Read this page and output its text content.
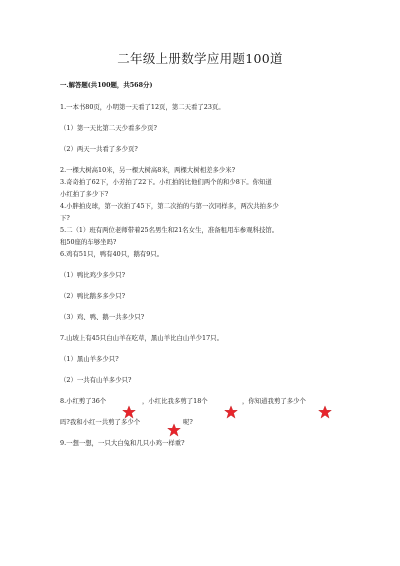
二年级上册数学应用题100道
一.解答题(共100题，共568分)
1.一本书80页，小明第一天看了12页，第二天看了23页。
（1）第一天比第二天少看多少页?
（2）两天一共看了多少页?
2.一棵大树高10米，另一棵大树高8米，两棵大树相差多少米?
3.奇奇拍了62下，小芳拍了22下。小红拍的比他们两个的和少8下。你知道
小红拍了多少下?
4.小胖拍皮球，第一次拍了45下，第二次拍的与第一次同样多，两次共拍多少
下?
5.二（1）班有两位老师带着25名男生和21名女生，准备租用车参观科技馆。
租50座的车够坐吗?
6.鸡有51只，鸭有40只，鹅有9只。
（1）鸭比鸡少多少只?
（2）鸭比鹅多多少只?
（3）鸡、鸭、鹅一共多少只?
7.山坡上有45只白山羊在吃草，黑山羊比白山羊少17只。
（1）黑山羊多少只?
（2）一共有山羊多少只?
8.小红剪了36个	，小红比我多剪了18个	，你知道我剪了多少个
吗?我和小红一共剪了多少个	呢?
9.一想一想，一只大白兔和几只小鸡一样重?
